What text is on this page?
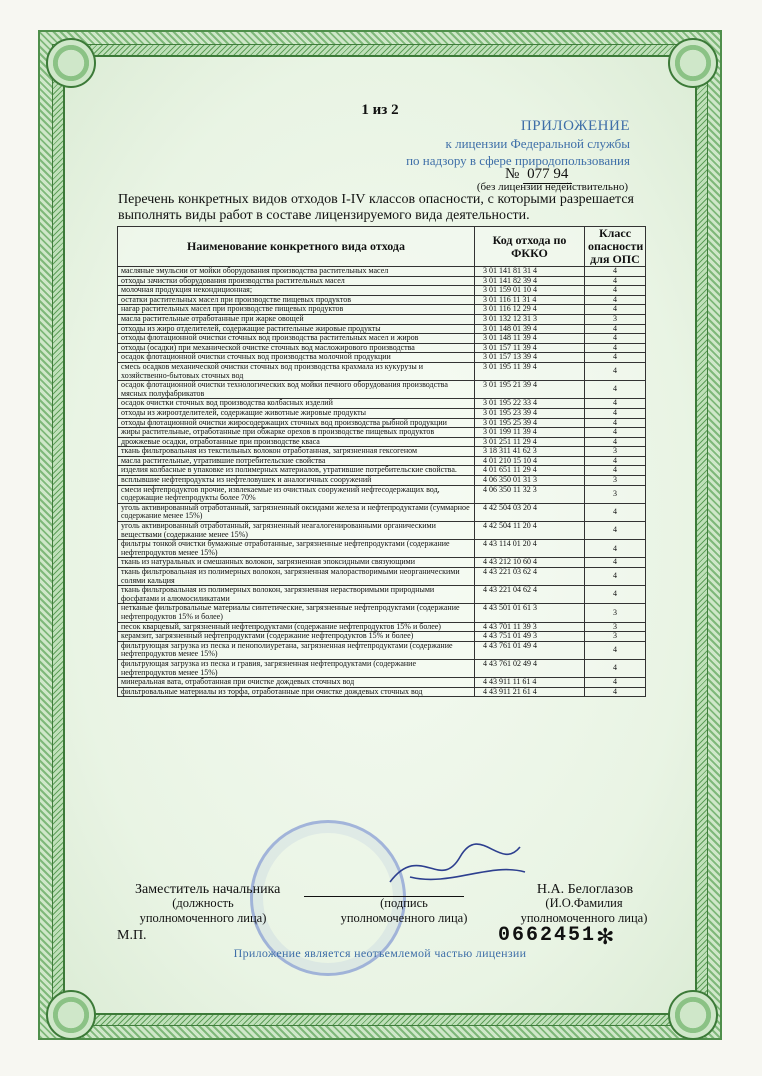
1 из 2
ПРИЛОЖЕНИЕ
к лицензии Федеральной службы
по надзору в сфере природопользования
№ 077 94
(без лицензии недействительно)
Перечень конкретных видов отходов I-IV классов опасности, с которыми разрешается выполнять виды работ в составе лицензируемого вида деятельности.
Наименование конкретного вида отхода	Код отхода по ФККО	Класс опасности для ОПС
масляные эмульсии от мойки оборудования производства растительных масел	3 01 141 81 31 4	4
отходы зачистки оборудования производства растительных масел	3 01 141 82 39 4	4
молочная продукция некондиционная;	3 01 159 01 10 4	4
остатки растительных масел при производстве пищевых продуктов	3 01 116 11 31 4	4
нагар растительных масел при производстве пищевых продуктов	3 01 116 12 29 4	4
масла растительные отработанные при жарке овощей	3 01 132 12 31 3	3
отходы из жиро отделителей, содержащие растительные жировые продукты	3 01 148 01 39 4	4
отходы флотационной очистки сточных вод производства растительных масел и жиров	3 01 148 11 39 4	4
отходы (осадки) при механической очистке сточных вод масложирового производства	3 01 157 11 39 4	4
осадок флотационной очистки сточных вод производства молочной продукции	3 01 157 13 39 4	4
смесь осадков механической очистки сточных вод производства крахмала из кукурузы и хозяйственно-бытовых сточных вод	3 01 195 11 39 4	4
осадок флотационной очистки технологических вод мойки печного оборудования производства мясных полуфабрикатов	3 01 195 21 39 4	4
осадок очистки сточных вод производства колбасных изделий	3 01 195 22 33 4	4
отходы из жироотделителей, содержащие животные жировые продукты	3 01 195 23 39 4	4
отходы флотационной очистки жиросодержащих сточных вод производства рыбной продукции	3 01 195 25 39 4	4
жиры растительные, отработанные при обжарке орехов в производстве пищевых продуктов	3 01 199 11 39 4	4
дрожжевые осадки, отработанные при производстве кваса	3 01 251 11 29 4	4
ткань фильтровальная из текстильных волокон отработанная, загрязненная гексогеном	3 18 311 41 62 3	3
масла растительные, утратившие потребительские свойства	4 01 210 15 10 4	4
изделия колбасные в упаковке из полимерных материалов, утратившие потребительские свойства.	4 01 651 11 29 4	4
всплывшие нефтепродукты из нефтеловушек и аналогичных сооружений	4 06 350 01 31 3	3
смеси нефтепродуктов прочие, извлекаемые из очистных сооружений нефтесодержащих вод, содержащие нефтепродукты более 70%	4 06 350 11 32 3	3
уголь активированный отработанный, загрязненный оксидами железа и нефтепродуктами (суммарное содержание менее 15%)	4 42 504 03 20 4	4
уголь активированный отработанный, загрязненный неагалогенированными органическими веществами (содержание менее 15%)	4 42 504 11 20 4	4
фильтры тонкой очистки бумажные отработанные, загрязненные нефтепродуктами (содержание нефтепродуктов менее 15%)	4 43 114 01 20 4	4
ткань из натуральных и смешанных волокон, загрязненная эпоксидными связующими	4 43 212 10 60 4	4
ткань фильтровальная из полимерных волокон, загрязненная малорастворимыми неорганическими солями кальция	4 43 221 03 62 4	4
ткань фильтровальная из полимерных волокон, загрязненная нерастворимыми природными фосфатами и алюмосиликатами	4 43 221 04 62 4	4
нетканые фильтровальные материалы синтетические, загрязненные нефтепродуктами (содержание нефтепродуктов 15% и более)	4 43 501 01 61 3	3
песок кварцевый, загрязненный нефтепродуктами (содержание нефтепродуктов 15% и более)	4 43 701 11 39 3	3
керамзит, загрязненный нефтепродуктами (содержание нефтепродуктов 15% и более)	4 43 751 01 49 3	3
фильтрующая загрузка из песка и пенополиуретана, загрязненная нефтепродуктами (содержание нефтепродуктов менее 15%)	4 43 761 01 49 4	4
фильтрующая загрузка из песка и гравия, загрязненная нефтепродуктами (содержание нефтепродуктов менее 15%)	4 43 761 02 49 4	4
минеральная вата, отработанная при очистке дождевых сточных вод	4 43 911 11 61 4	4
фильтровальные материалы из торфа, отработанные при очистке дождевых сточных вод	4 43 911 21 61 4	4
Заместитель начальника
(должность
уполномоченного лица)
(подпись
уполномоченного лица)
Н.А. Белоглазов
(И.О.Фамилия
уполномоченного лица)
М.П.	0662451 ✻
Приложение является неотъемлемой частью лицензии
